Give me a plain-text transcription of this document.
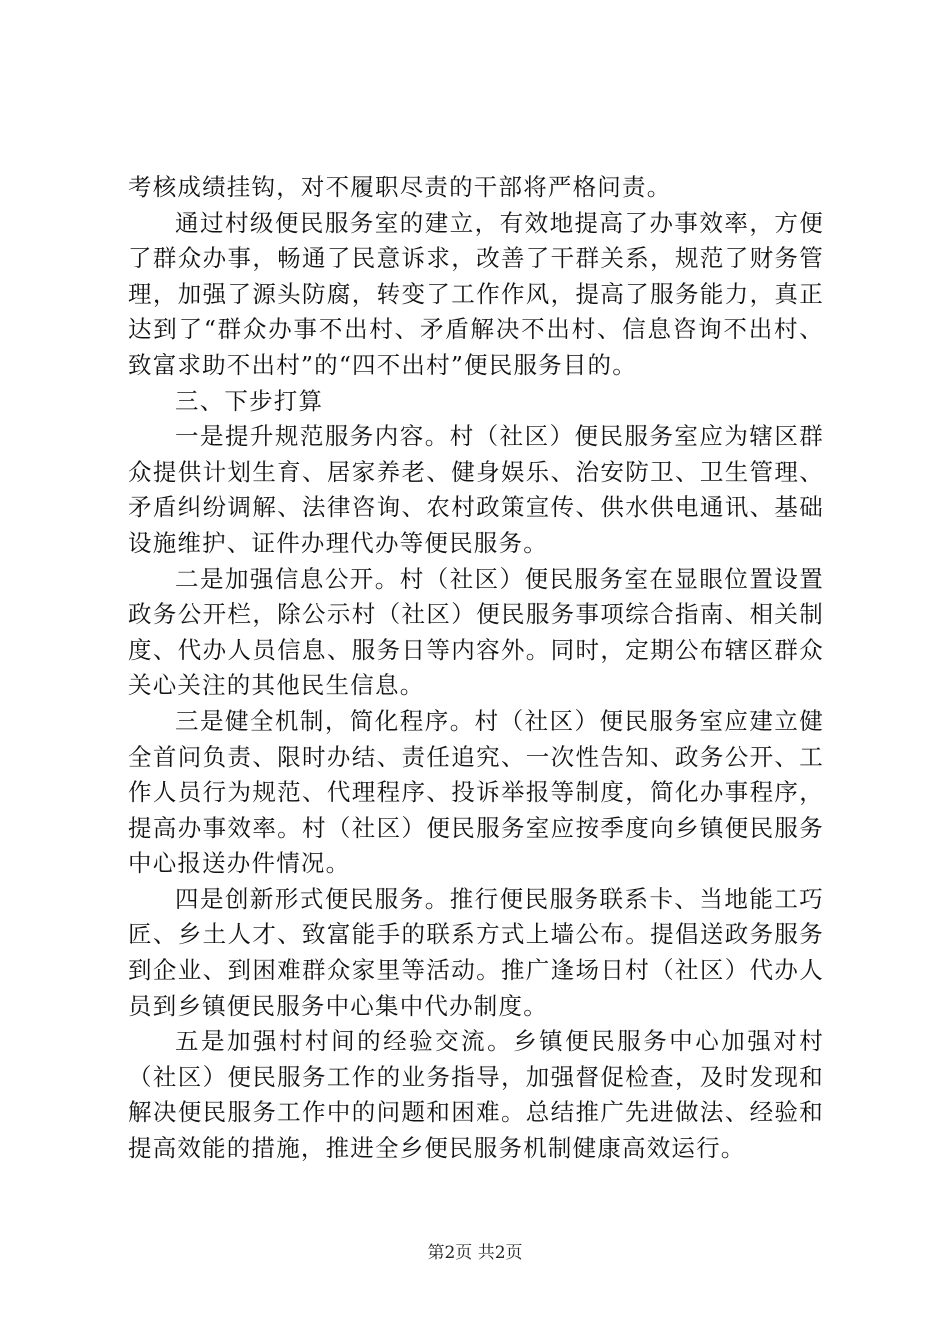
考核成绩挂钩，对不履职尽责的干部将严格问责。

通过村级便民服务室的建立，有效地提高了办事效率，方便了群众办事，畅通了民意诉求，改善了干群关系，规范了财务管理，加强了源头防腐，转变了工作作风，提高了服务能力，真正达到了“群众办事不出村、矛盾解决不出村、信息咨询不出村、致富求助不出村”的“四不出村”便民服务目的。

三、下步打算

一是提升规范服务内容。村（社区）便民服务室应为辖区群众提供计划生育、居家养老、健身娱乐、治安防卫、卫生管理、矛盾纠纷调解、法律咨询、农村政策宣传、供水供电通讯、基础设施维护、证件办理代办等便民服务。

二是加强信息公开。村（社区）便民服务室在显眼位置设置政务公开栏，除公示村（社区）便民服务事项综合指南、相关制度、代办人员信息、服务日等内容外。同时，定期公布辖区群众关心关注的其他民生信息。

三是健全机制，简化程序。村（社区）便民服务室应建立健全首问负责、限时办结、责任追究、一次性告知、政务公开、工作人员行为规范、代理程序、投诉举报等制度，简化办事程序，提高办事效率。村（社区）便民服务室应按季度向乡镇便民服务中心报送办件情况。

四是创新形式便民服务。推行便民服务联系卡、当地能工巧匠、乡土人才、致富能手的联系方式上墙公布。提倡送政务服务到企业、到困难群众家里等活动。推广逢场日村（社区）代办人员到乡镇便民服务中心集中代办制度。

五是加强村村间的经验交流。乡镇便民服务中心加强对村（社区）便民服务工作的业务指导，加强督促检查，及时发现和解决便民服务工作中的问题和困难。总结推广先进做法、经验和提高效能的措施，推进全乡便民服务机制健康高效运行。

第2页 共2页
